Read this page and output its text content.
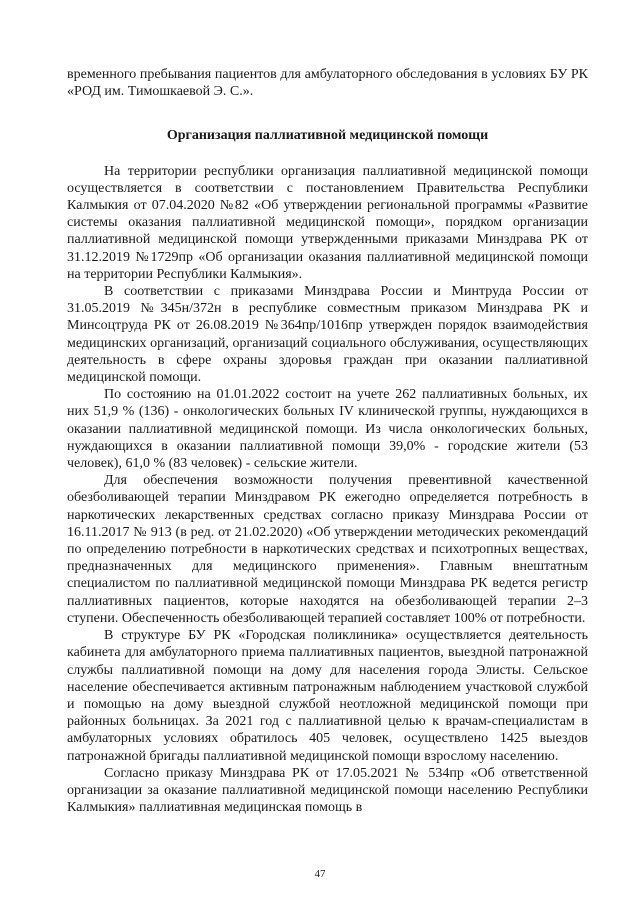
временного пребывания пациентов для амбулаторного обследования в условиях БУ РК «РОД им. Тимошкаевой Э. С.».

Организация паллиативной медицинской помощи

На территории республики организация паллиативной медицинской помощи осуществляется в соответствии с постановлением Правительства Республики Калмыкия от 07.04.2020 №82 «Об утверждении региональной программы «Развитие системы оказания паллиативной медицинской помощи», порядком организации паллиативной медицинской помощи утвержденными приказами Минздрава РК от 31.12.2019 №1729пр «Об организации оказания паллиативной медицинской помощи на территории Республики Калмыкия».

В соответствии с приказами Минздрава России и Минтруда России от 31.05.2019 №345н/372н в республике совместным приказом Минздрава РК и Минсоцтруда РК от 26.08.2019 №364пр/1016пр утвержден порядок взаимодействия медицинских организаций, организаций социального обслуживания, осуществляющих деятельность в сфере охраны здоровья граждан при оказании паллиативной медицинской помощи.

По состоянию на 01.01.2022 состоит на учете 262 паллиативных больных, их них 51,9 % (136) - онкологических больных IV клинической группы, нуждающихся в оказании паллиативной медицинской помощи. Из числа онкологических больных, нуждающихся в оказании паллиативной помощи 39,0% - городские жители (53 человек), 61,0 % (83 человек) - сельские жители.

Для обеспечения возможности получения превентивной качественной обезболивающей терапии Минздравом РК ежегодно определяется потребность в наркотических лекарственных средствах согласно приказу Минздрава России от 16.11.2017 № 913 (в ред. от 21.02.2020) «Об утверждении методических рекомендаций по определению потребности в наркотических средствах и психотропных веществах, предназначенных для медицинского применения». Главным внештатным специалистом по паллиативной медицинской помощи Минздрава РК ведется регистр паллиативных пациентов, которые находятся на обезболивающей терапии 2–3 ступени. Обеспеченность обезболивающей терапией составляет 100% от потребности.

В структуре БУ РК «Городская поликлиника» осуществляется деятельность кабинета для амбулаторного приема паллиативных пациентов, выездной патронажной службы паллиативной помощи на дому для населения города Элисты. Сельское население обеспечивается активным патронажным наблюдением участковой службой и помощью на дому выездной службой неотложной медицинской помощи при районных больницах. За 2021 год с паллиативной целью к врачам-специалистам в амбулаторных условиях обратилось 405 человек, осуществлено 1425 выездов патронажной бригады паллиативной медицинской помощи взрослому населению.

Согласно приказу Минздрава РК от 17.05.2021 № 534пр «Об ответственной организации за оказание паллиативной медицинской помощи населению Республики Калмыкия» паллиативная медицинская помощь в

47
